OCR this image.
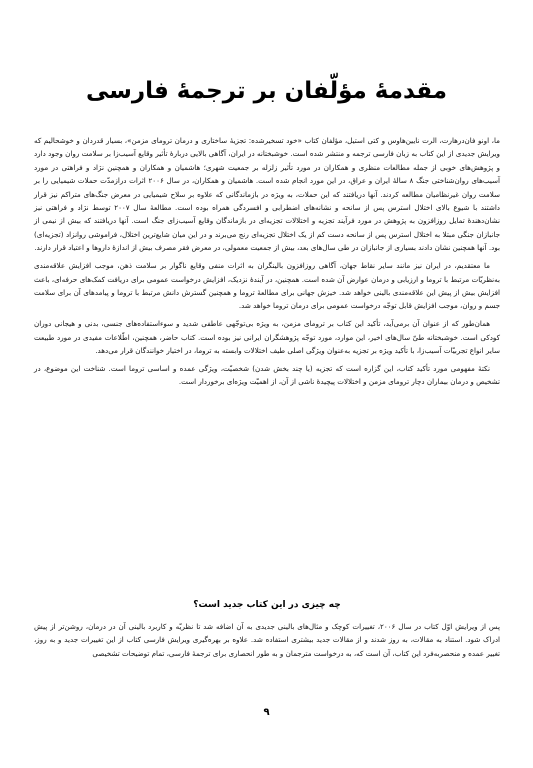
مقدمهٔ مؤلّفان بر ترجمهٔ فارسی

ما، اونو فان‌درهارت، الرت نایین‌هاوس و کتی استیل، مؤلفان کتاب «خود تسخیرشده: تجزیهٔ ساختاری و درمان تروماى مزمن»، بسیار قدردان و خوشحالیم که ویرایش جدیدی از این کتاب به زبان فارسی ترجمه و منتشر شده است. خوشبختانه در ایران، آگاهی بالایی دربارهٔ تأثیر وقایع آسیب‌زا بر سلامت روان وجود دارد و پژوهش‌های خوبی از جمله مطالعات منظری و همکاران در مورد تأثیر زلزله بر جمعیت شهری؛ هاشمیان و همکاران و همچنین نژاد و فراهتی در مورد آسیب‌های روان‌شناختی جنگ ۸ سالهٔ ایران و عراق، در این مورد انجام شده است. هاشمیان و همکاران، در سال ۲۰۰۶ اثرات درازمدّت حملات شیمیایی را بر سلامت روان غیرنظامیان مطالعه کردند. آنها دریافتند که این حملات، به ویژه در بازماندگانی که علاوه بر سلاح شیمیایی در معرض جنگ‌های متراکم نیز قرار داشتند با شیوع بالای اختلال استرس پس از سانحه و نشانه‌های اضطرابی و افسردگی همراه بوده است. مطالعهٔ سال ۲۰۰۷ توسط نژاد و فراهتی نیز نشان‌دهندهٔ تمایل روزافزون به پژوهش در مورد فرآیند تجزیه و اختلالات تجزیه‌ای در بازماندگان وقایع آسیب‌زای جنگ است. آنها دریافتند که بیش از نیمی از جانبازان جنگی مبتلا به اختلال استرس پس از سانحه دست کم از یک اختلال تجزیه‌ای رنج می‌برند و در این میان شایع‌ترین اختلال، فراموشی روانزاد (تجزیه‌ای) بود. آنها همچنین نشان دادند بسیاری از جانبازان در طی سال‌های بعد، بیش از جمعیت معمولی، در معرض فقر مصرف بیش از اندازهٔ داروها و اعتیاد قرار دارند.

ما معتقدیم، در ایران نیز مانند سایر نقاط جهان، آگاهی روزافزون بالینگران به اثرات منفی وقایع ناگوار بر سلامت ذهن، موجب افزایش علاقه‌مندی به‌نظریّات مرتبط با تروما و ارزیابی و درمان عوارض آن شده است. همچنین، در آیندهٔ نزدیک، افزایش درخواست عمومی برای دریافت کمک‌های حرفه‌ای، باعث افزایش بیش از پیش این علاقه‌مندی بالینی خواهد شد. خیزش جهانی برای مطالعهٔ تروما و همچنین گسترش دانش مرتبط با تروما و پیامدهای آن برای سلامت جسم و روان، موجب افزایش قابل توجّه درخواست عمومی برای درمان تروما خواهد شد.

همان‌طور که از عنوان آن برمی‌آید، تأکید این کتاب بر تروماى مزمن، به ویژه بی‌توجّهی عاطفی شدید و سوءاستفاده‌های جنسی، بدنی و هیجانی دوران کودکی است. خوشبختانه طیّ سال‌های اخیر، این موارد، مورد توجّه پژوهشگران ایرانی نیز بوده است. کتاب حاضر، همچنین، اطّلاعات مفیدی در مورد طبیعت سایر انواع تجربیّات آسیب‌زا، با تأکید ویژه بر تجزیه به‌عنوان ویژگی اصلی طیف اختلالات وابسته به تروما، در اختیار خوانندگان قرار می‌دهد.

نکتهٔ مفهومی مورد تأکید کتاب، این گزاره است که تجزیه (یا چند بخش شدن) شخصیّت، ویژگی عمده و اساسی تروما است. شناخت این موضوع، در تشخیص و درمان بیماران دچار تروماى مزمن و اختلالات پیچیدهٔ ناشی از آن، از اهمیّت ویژه‌ای برخوردار است.

چه چیزی در این کتاب جدید است؟

پس از ویرایش اوّل کتاب در سال ۲۰۰۶، تغییرات کوچک و مثال‌های بالینی جدیدی به آن اضافه شد تا نظریّه و کاربرد بالینی آن در درمان، روشن‌تر از پیش ادراک شود. استناد به مقالات، به روز شدند و از مقالات جدید بیشتری استفاده شد. علاوه بر بهره‌گیری ویرایش فارسی کتاب از این تغییرات جدید و به روز، تغییر عمده و منحصربه‌فرد این کتاب، آن است که، به درخواست مترجمان و به طور انحصاری برای ترجمهٔ فارسی، تمام توضیحات تشخیصی

۹
